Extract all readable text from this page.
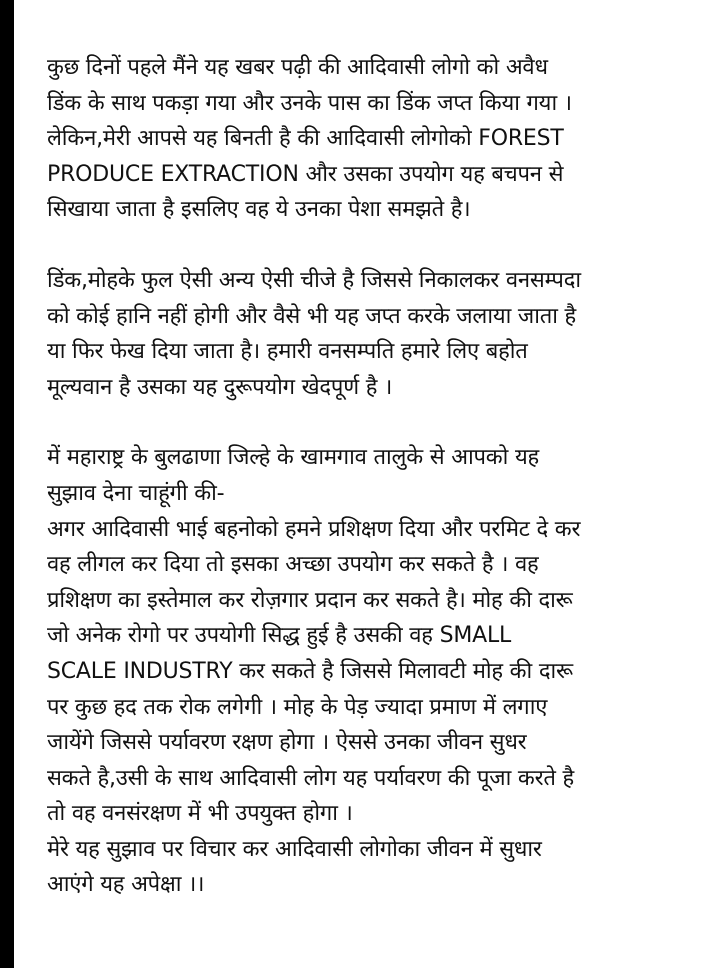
कुछ दिनों पहले मैंने यह खबर पढ़ी की आदिवासी लोगो को अवैध
डिंक के साथ पकड़ा गया और उनके पास का डिंक जप्त किया गया ।
लेकिन,मेरी आपसे यह बिनती है की आदिवासी लोगोको FOREST
PRODUCE EXTRACTION और उसका उपयोग यह बचपन से
सिखाया जाता है इसलिए वह ये उनका पेशा समझते है।
डिंक,मोहके फुल ऐसी अन्य ऐसी चीजे है जिससे निकालकर वनसम्पदा
को कोई हानि नहीं होगी और वैसे भी यह जप्त करके जलाया जाता है
या फिर फेख दिया जाता है। हमारी वनसम्पति हमारे लिए बहोत
मूल्यवान है उसका यह दुरूपयोग खेदपूर्ण है ।
में महाराष्ट्र के बुलढाणा जिल्हे के खामगाव तालुके से आपको यह
सुझाव देना चाहूंगी की-
अगर आदिवासी भाई बहनोको हमने प्रशिक्षण दिया और परमिट दे कर
वह लीगल कर दिया तो इसका अच्छा उपयोग कर सकते है । वह
प्रशिक्षण का इस्तेमाल कर रोज़गार प्रदान कर सकते है। मोह की दारू
जो अनेक रोगो पर उपयोगी सिद्ध हुई है उसकी वह SMALL
SCALE INDUSTRY कर सकते है जिससे मिलावटी मोह की दारू
पर कुछ हद तक रोक लगेगी । मोह के पेड़ ज्यादा प्रमाण में लगाए
जायेंगे जिससे पर्यावरण रक्षण होगा । ऐससे उनका जीवन सुधर
सकते है,उसी के साथ आदिवासी लोग यह पर्यावरण की पूजा करते है
तो वह वनसंरक्षण में भी उपयुक्त होगा ।
मेरे यह सुझाव पर विचार कर आदिवासी लोगोका जीवन में सुधार
आएंगे यह अपेक्षा ।।
